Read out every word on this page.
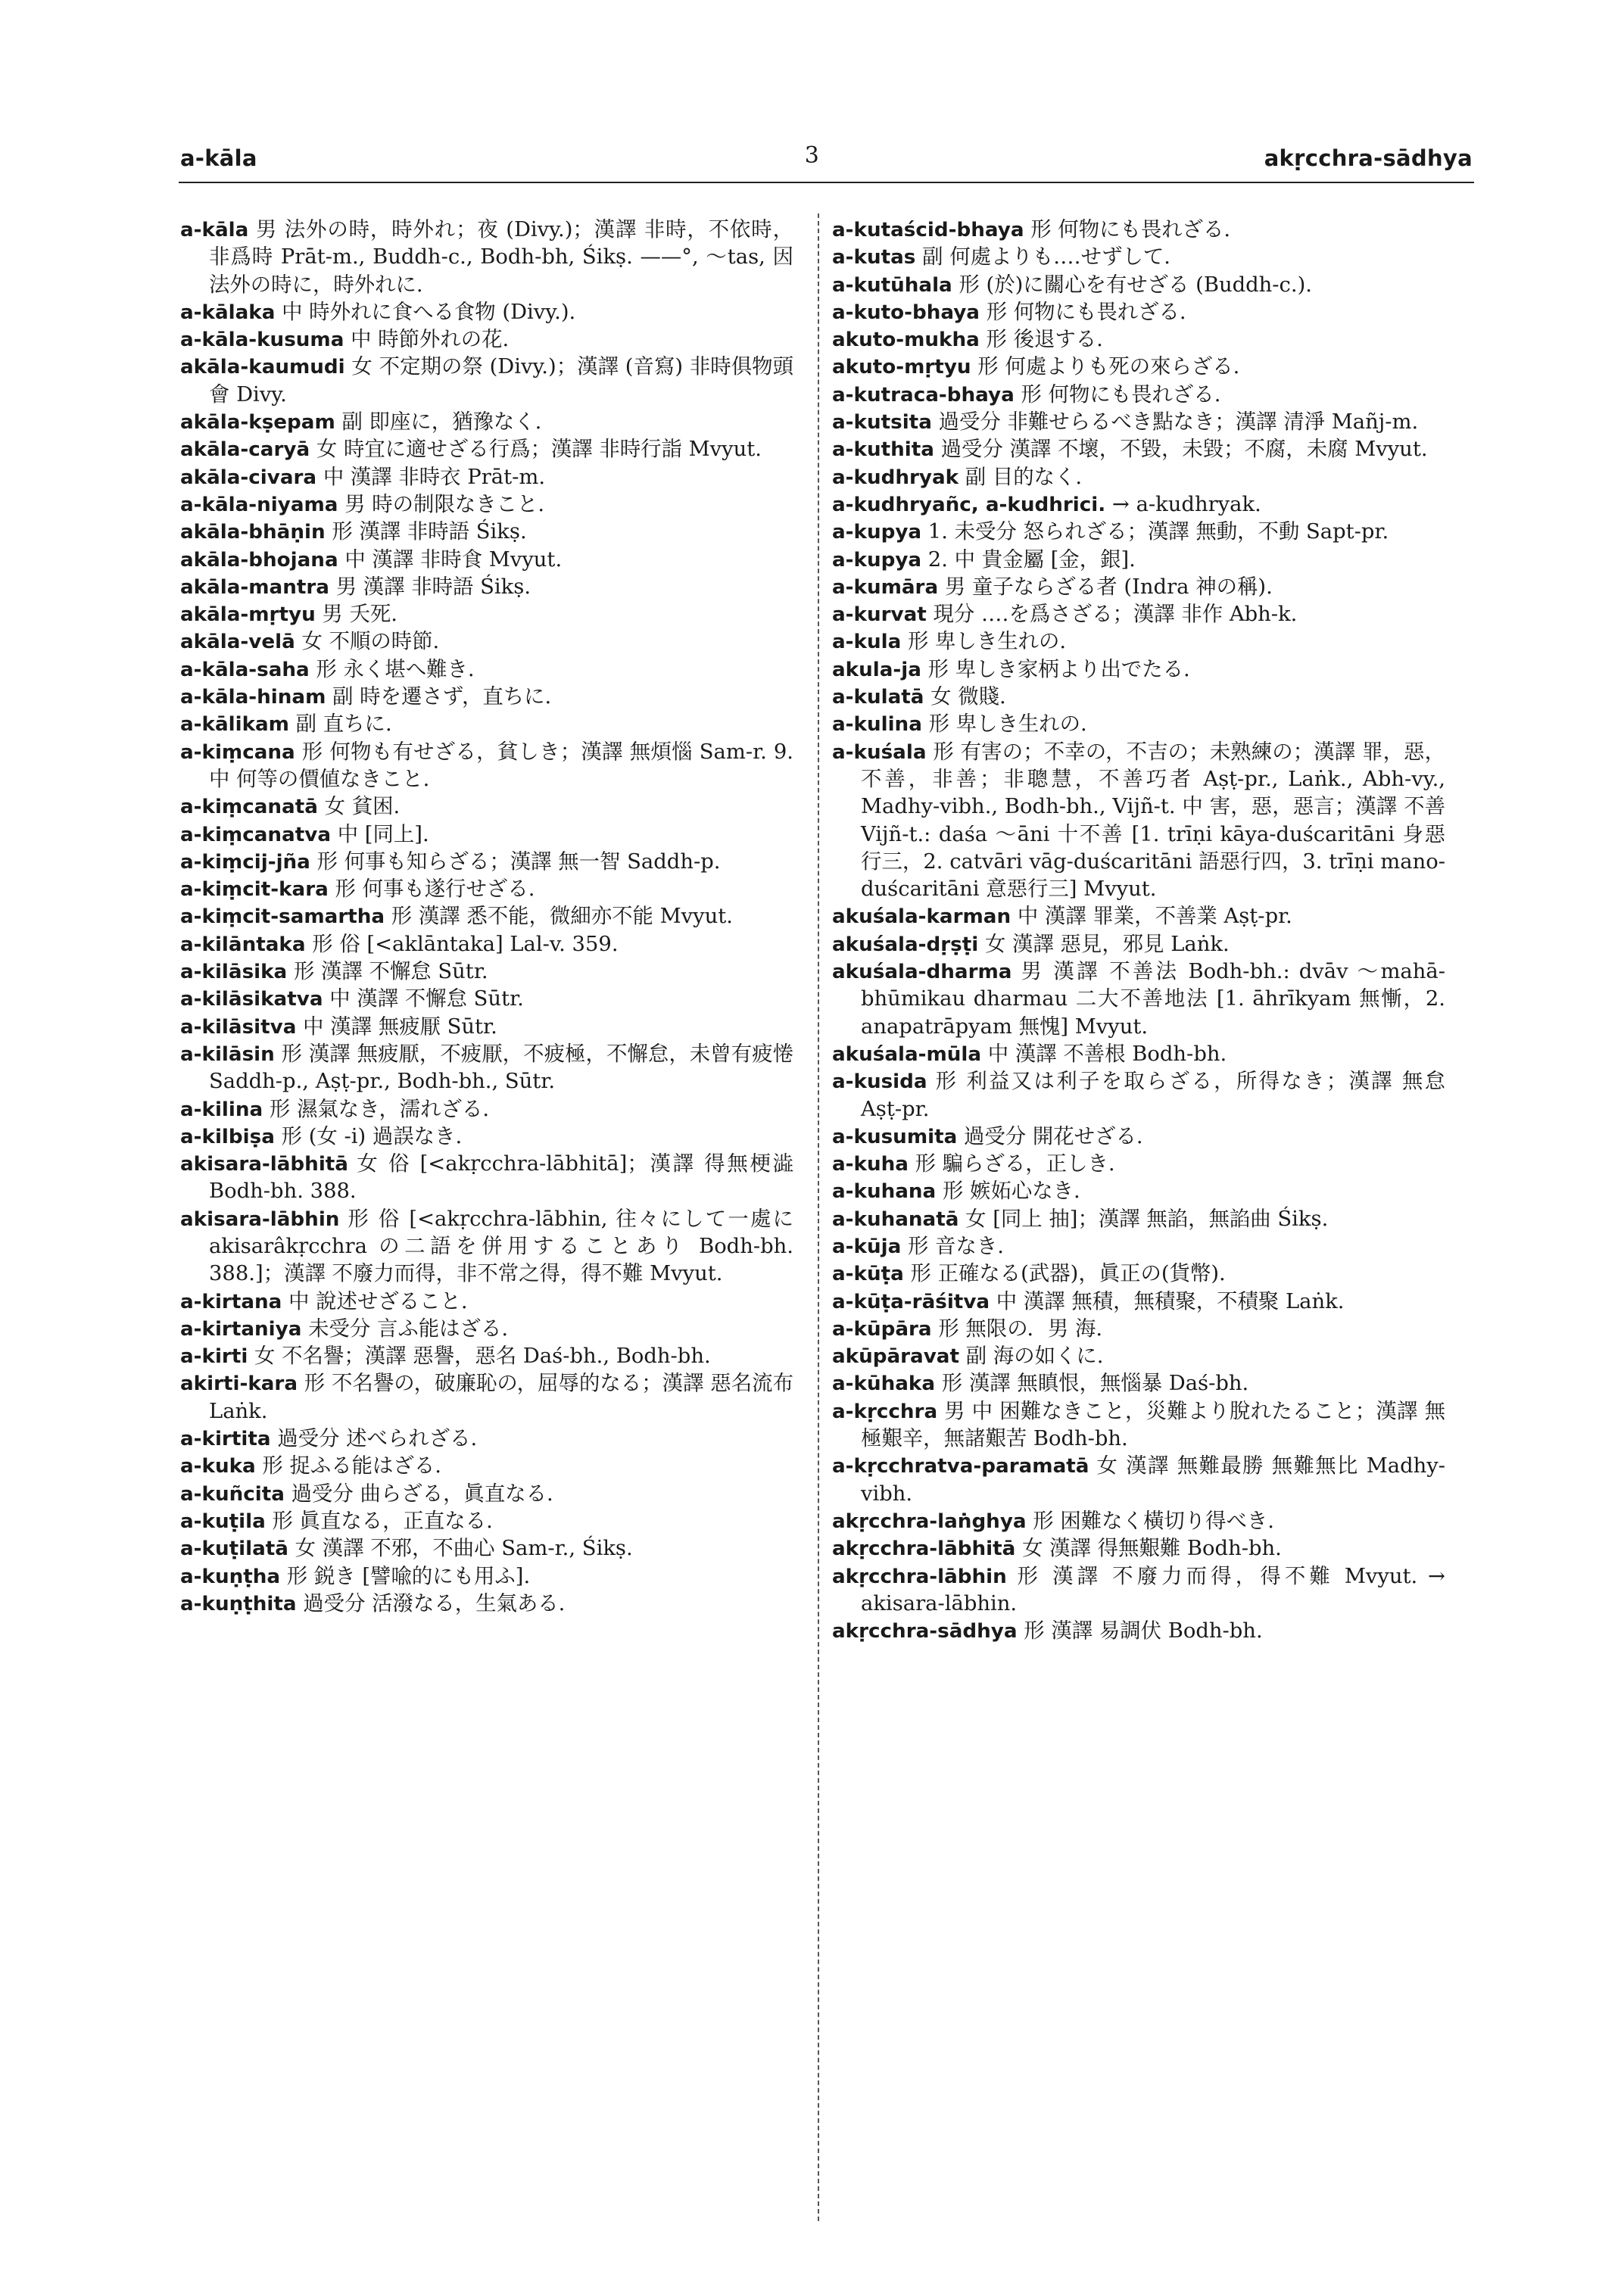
a-kāla	3	akṛcchra-sādhya

a-kāla 男 法外の時，時外れ；夜 (Divy.)；漢譯 非時，不依時，非爲時 Prāt-m., Buddh-c., Bodh-bh, Śikṣ. ——°, ～tas, 因 法外の時に，時外れに.

a-kālaka 中 時外れに食へる食物 (Divy.).

a-kāla-kusuma 中 時節外れの花.

akāla-kaumudi 女 不定期の祭 (Divy.)；漢譯 (音寫) 非時俱物頭會 Divy.

akāla-kṣepam 副 即座に，猶豫なく.

akāla-caryā 女 時宜に適せざる行爲；漢譯 非時行詣 Mvyut.

akāla-civara 中 漢譯 非時衣 Prāt-m.

a-kāla-niyama 男 時の制限なきこと.

akāla-bhāṇin 形 漢譯 非時語 Śikṣ.

akāla-bhojana 中 漢譯 非時食 Mvyut.

akāla-mantra 男 漢譯 非時語 Śikṣ.

akāla-mṛtyu 男 夭死.

akāla-velā 女 不順の時節.

a-kāla-saha 形 永く堪へ難き.

a-kāla-hinam 副 時を遷さず，直ちに.

a-kālikam 副 直ちに.

a-kiṃcana 形 何物も有せざる，貧しき；漢譯 無煩惱 Sam-r. 9. 中 何等の價値なきこと.

a-kiṃcanatā 女 貧困.

a-kiṃcanatva 中 [同上].

a-kiṃcij-jña 形 何事も知らざる；漢譯 無一智 Saddh-p.

a-kiṃcit-kara 形 何事も遂行せざる.

a-kiṃcit-samartha 形 漢譯 悉不能，微細亦不能 Mvyut.

a-kilāntaka 形 俗 [<aklāntaka] Lal-v. 359.

a-kilāsika 形 漢譯 不懈怠 Sūtr.

a-kilāsikatva 中 漢譯 不懈怠 Sūtr.

a-kilāsitva 中 漢譯 無疲厭 Sūtr.

a-kilāsin 形 漢譯 無疲厭，不疲厭，不疲極，不懈怠，未曾有疲惓 Saddh-p., Aṣṭ-pr., Bodh-bh., Sūtr.

a-kilina 形 濕氣なき，濡れざる.

a-kilbiṣa 形 (女 -i) 過誤なき.

akisara-lābhitā 女 俗 [<akṛcchra-lābhitā]；漢譯 得無梗澁 Bodh-bh. 388.

akisara-lābhin 形 俗 [<akṛcchra-lābhin, 往々にして一處に akisarâkṛcchra の二語を併用することあり Bodh-bh. 388.]；漢譯 不廢力而得，非不常之得，得不難 Mvyut.

a-kirtana 中 說述せざること.

a-kirtaniya 未受分 言ふ能はざる.

a-kirti 女 不名譽；漢譯 惡譽，惡名 Daś-bh., Bodh-bh.

akirti-kara 形 不名譽の，破廉恥の，屈辱的なる；漢譯 惡名流布 Laṅk.

a-kirtita 過受分 述べられざる.

a-kuka 形 捉ふる能はざる.

a-kuñcita 過受分 曲らざる，眞直なる.

a-kuṭila 形 眞直なる，正直なる.

a-kuṭilatā 女 漢譯 不邪，不曲心 Sam-r., Śikṣ.

a-kuṇṭha 形 鋭き [譬喩的にも用ふ].

a-kuṇṭhita 過受分 活潑なる，生氣ある.

a-kutaścid-bhaya 形 何物にも畏れざる.

a-kutas 副 何處よりも‥‥せずして.

a-kutūhala 形 (於)に關心を有せざる (Buddh-c.).

a-kuto-bhaya 形 何物にも畏れざる.

akuto-mukha 形 後退する.

akuto-mṛtyu 形 何處よりも死の來らざる.

a-kutraca-bhaya 形 何物にも畏れざる.

a-kutsita 過受分 非難せらるべき點なき；漢譯 清淨 Mañj-m.

a-kuthita 過受分 漢譯 不壞，不毀，未毀；不腐，未腐 Mvyut.

a-kudhryak 副 目的なく.

a-kudhryañc, a-kudhrici. → a-kudhryak.

a-kupya 1. 未受分 怒られざる；漢譯 無動，不動 Sapt-pr.

a-kupya 2. 中 貴金屬 [金，銀].

a-kumāra 男 童子ならざる者 (Indra 神の稱).

a-kurvat 現分 ‥‥を爲さざる；漢譯 非作 Abh-k.

a-kula 形 卑しき生れの.

akula-ja 形 卑しき家柄より出でたる.

a-kulatā 女 微賤.

a-kulina 形 卑しき生れの.

a-kuśala 形 有害の；不幸の，不吉の；未熟練の；漢譯 罪，惡，不善，非善；非聰慧，不善巧者 Aṣṭ-pr., Laṅk., Abh-vy., Madhy-vibh., Bodh-bh., Vijñ-t. 中 害，惡，惡言；漢譯 不善 Vijñ-t.: daśa ～āni 十不善 [1. trīṇi kāya-duścaritāni 身惡行三，2. catvāri vāg-duścaritāni 語惡行四，3. trīṇi mano-duścaritāni 意惡行三] Mvyut.

akuśala-karman 中 漢譯 罪業，不善業 Aṣṭ-pr.

akuśala-dṛṣṭi 女 漢譯 惡見，邪見 Laṅk.

akuśala-dharma 男 漢譯 不善法 Bodh-bh.: dvāv ～mahā-bhūmikau dharmau 二大不善地法 [1. āhrīkyam 無慚，2. anapatrāpyam 無愧] Mvyut.

akuśala-mūla 中 漢譯 不善根 Bodh-bh.

a-kusida 形 利益又は利子を取らざる，所得なき；漢譯 無怠 Aṣṭ-pr.

a-kusumita 過受分 開花せざる.

a-kuha 形 騙らざる，正しき.

a-kuhana 形 嫉妬心なき.

a-kuhanatā 女 [同上 抽]；漢譯 無諂，無諂曲 Śikṣ.

a-kūja 形 音なき.

a-kūṭa 形 正確なる(武器)，眞正の(貨幣).

a-kūṭa-rāśitva 中 漢譯 無積，無積聚，不積聚 Laṅk.

a-kūpāra 形 無限の．男 海.

akūpāravat 副 海の如くに.

a-kūhaka 形 漢譯 無瞋恨，無惱暴 Daś-bh.

a-kṛcchra 男 中 困難なきこと，災難より脫れたること；漢譯 無極艱辛，無諸艱苦 Bodh-bh.

a-kṛcchratva-paramatā 女 漢譯 無難最勝 無難無比 Madhy-vibh.

akṛcchra-laṅghya 形 困難なく橫切り得べき.

akṛcchra-lābhitā 女 漢譯 得無艱難 Bodh-bh.

akṛcchra-lābhin 形 漢譯 不廢力而得，得不難 Mvyut. → akisara-lābhin.

akṛcchra-sādhya 形 漢譯 易調伏 Bodh-bh.
